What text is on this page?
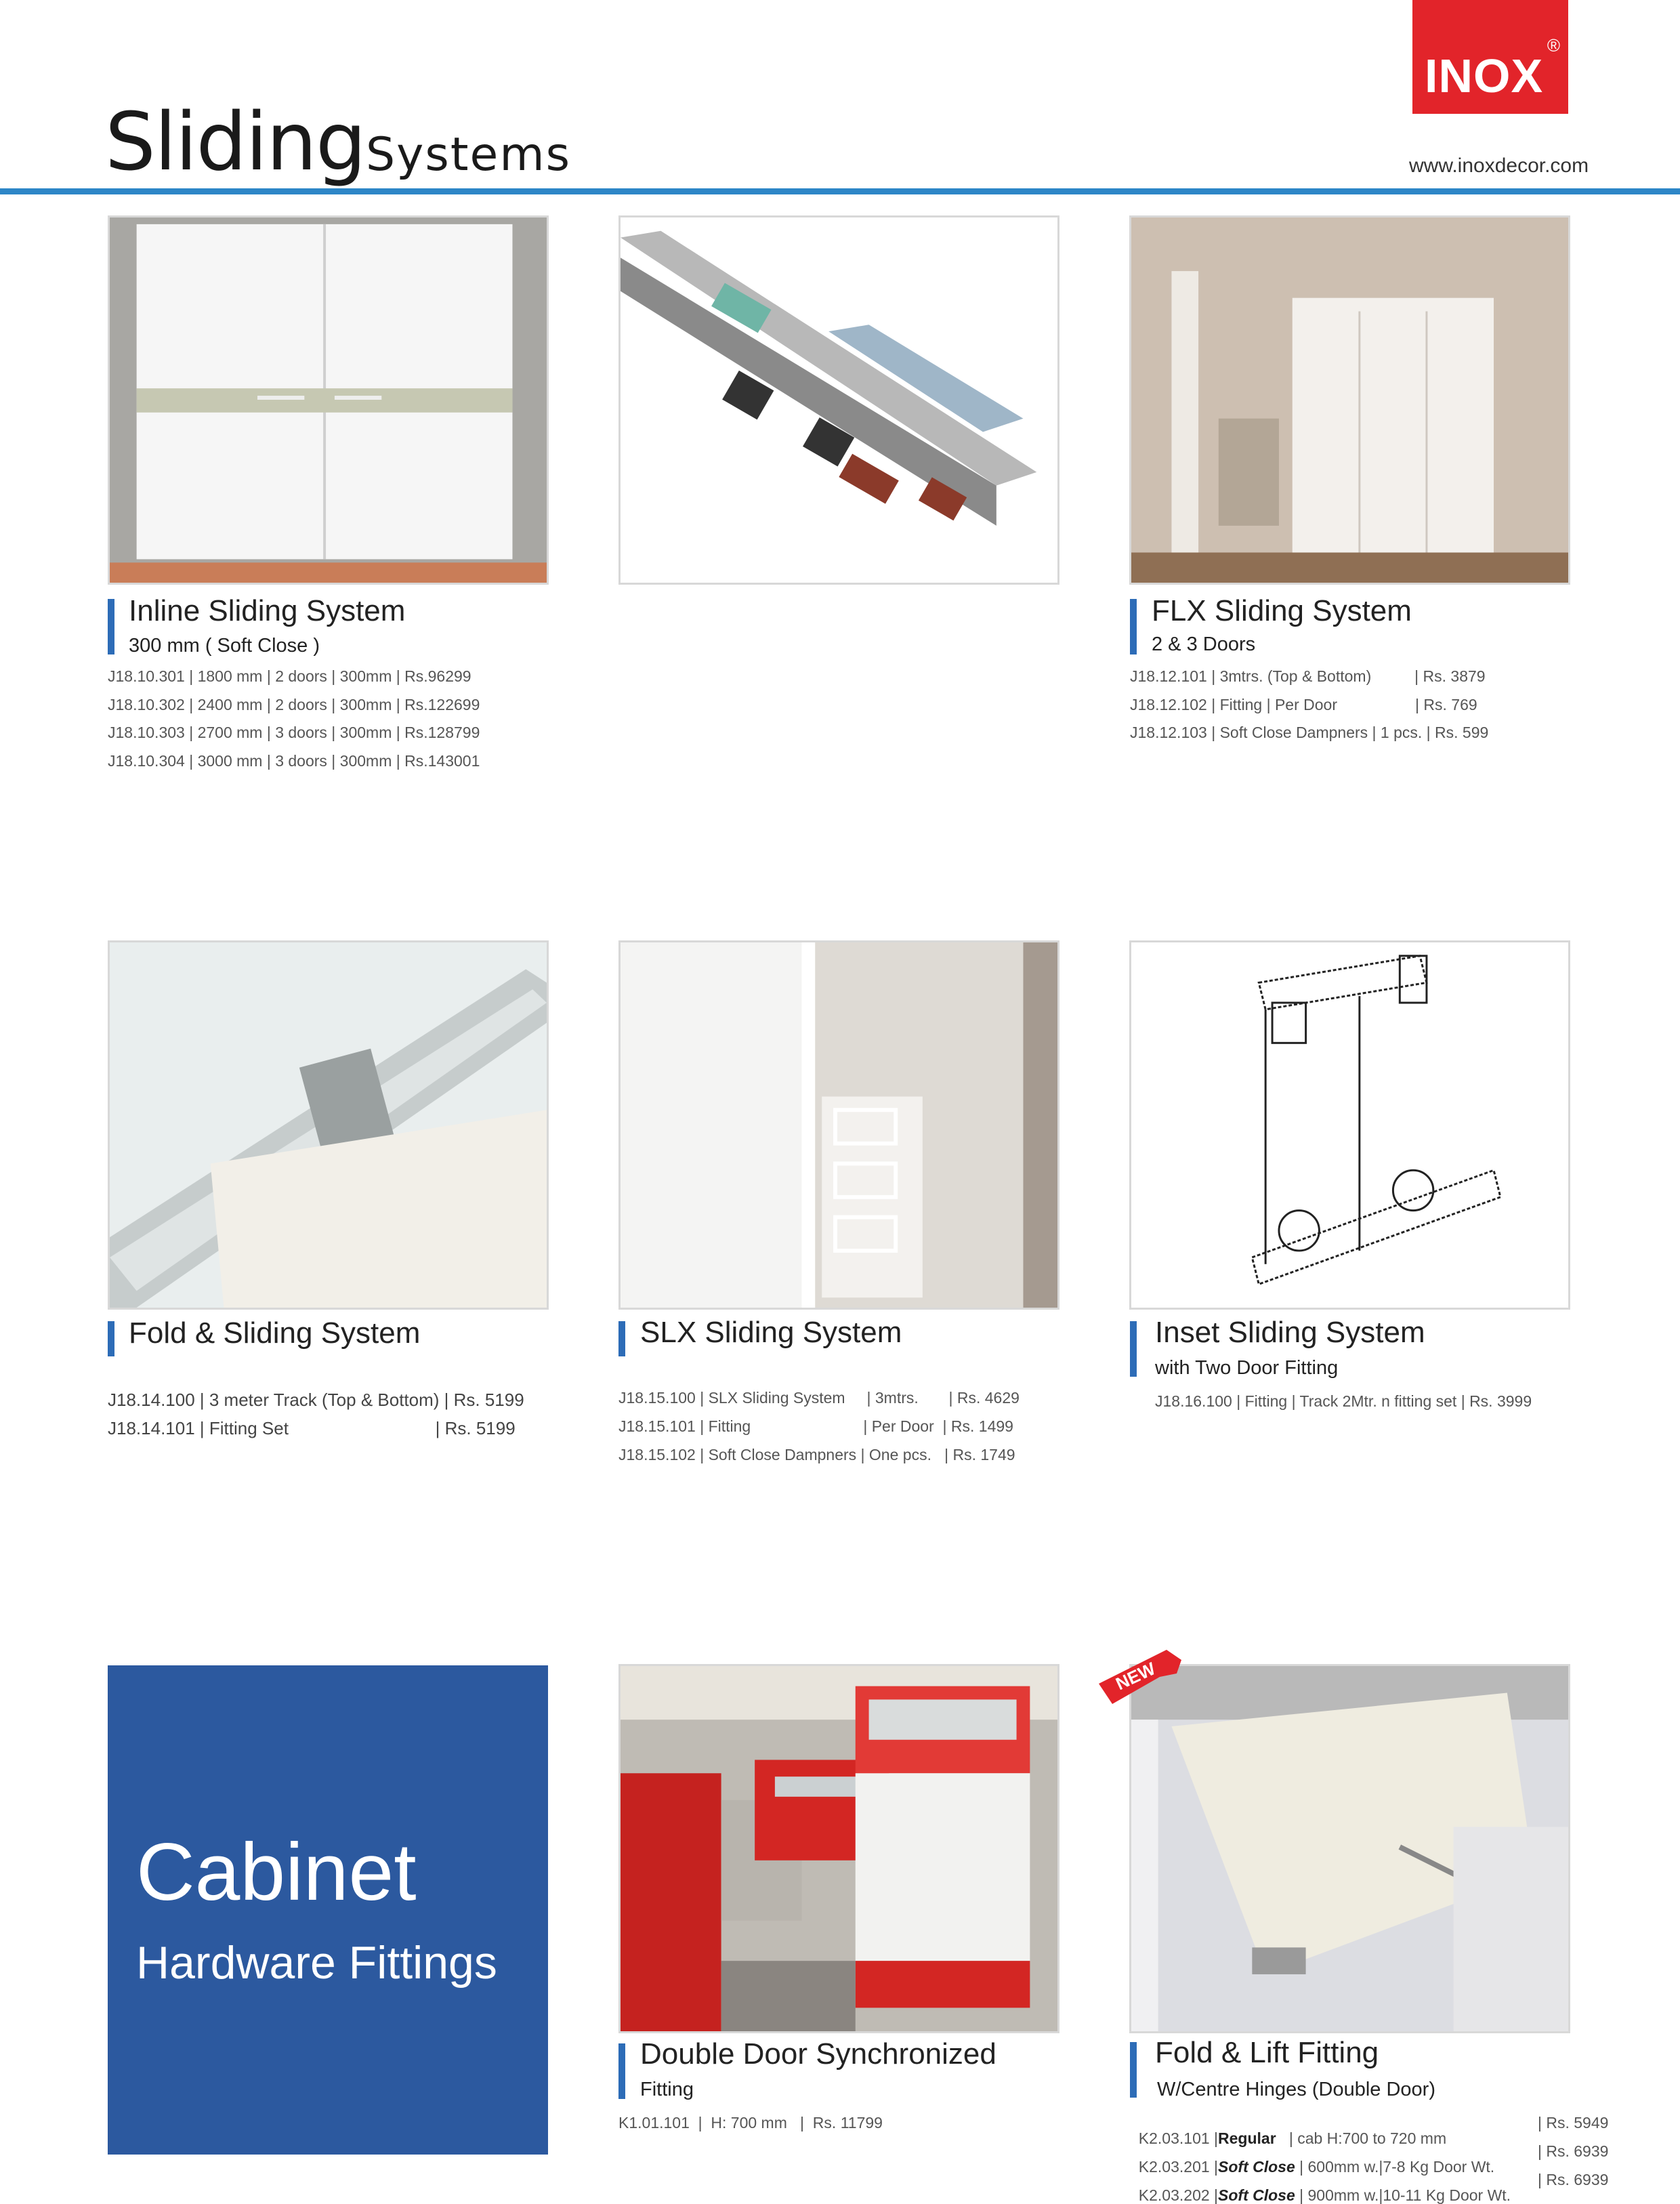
Sliding Systems
INOX
®
www.inoxdecor.com
Inline Sliding System
300 mm ( Soft Close )
J18.10.301 | 1800 mm | 2 doors | 300mm | Rs.96299
J18.10.302 | 2400 mm | 2 doors | 300mm | Rs.122699
J18.10.303 | 2700 mm | 3 doors | 300mm | Rs.128799
J18.10.304 | 3000 mm | 3 doors | 300mm | Rs.143001
FLX Sliding System
2 & 3 Doors
J18.12.101 | 3mtrs. (Top & Bottom)          | Rs. 3879
J18.12.102 | Fitting | Per Door                  | Rs. 769
J18.12.103 | Soft Close Dampners | 1 pcs. | Rs. 599
Fold & Sliding System
J18.14.100 | 3 meter Track (Top & Bottom) | Rs. 5199
J18.14.101 | Fitting Set                              | Rs. 5199
SLX Sliding System
J18.15.100 | SLX Sliding System     | 3mtrs.       | Rs. 4629
J18.15.101 | Fitting                          | Per Door  | Rs. 1499
J18.15.102 | Soft Close Dampners | One pcs.   | Rs. 1749
Inset Sliding System
with Two Door Fitting
J18.16.100 | Fitting | Track 2Mtr. n fitting set | Rs. 3999
Cabinet
Hardware Fittings
NEW
Double Door Synchronized
Fitting
K1.01.101  |  H: 700 mm   |  Rs. 11799
Fold & Lift Fitting
W/Centre Hinges (Double Door)

K2.03.101 |Regular   | cab H:700 to 720 mm

| Rs. 5949

K2.03.201 |Soft Close | 600mm w.|7-8 Kg Door Wt.

| Rs. 6939

K2.03.202 |Soft Close | 900mm w.|10-11 Kg Door Wt.

| Rs. 6939
